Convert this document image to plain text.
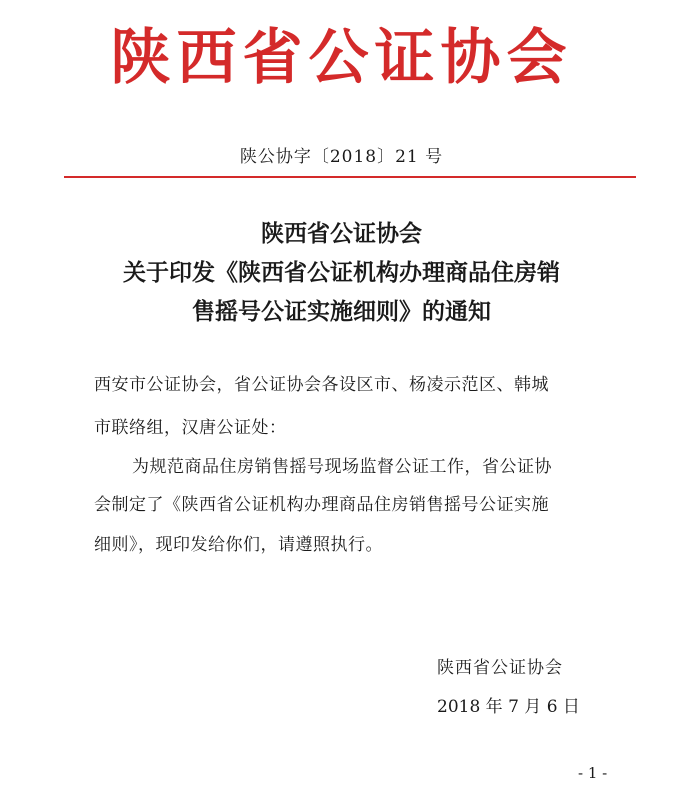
陕西省公证协会
陕公协字〔2018〕21 号
陕西省公证协会
关于印发《陕西省公证机构办理商品住房销
售摇号公证实施细则》的通知
西安市公证协会，省公证协会各设区市、杨凌示范区、韩城
市联络组，汉唐公证处：
为规范商品住房销售摇号现场监督公证工作，省公证协
会制定了《陕西省公证机构办理商品住房销售摇号公证实施
细则》，现印发给你们，请遵照执行。
陕西省公证协会
2018 年 7 月 6 日
- 1 -
